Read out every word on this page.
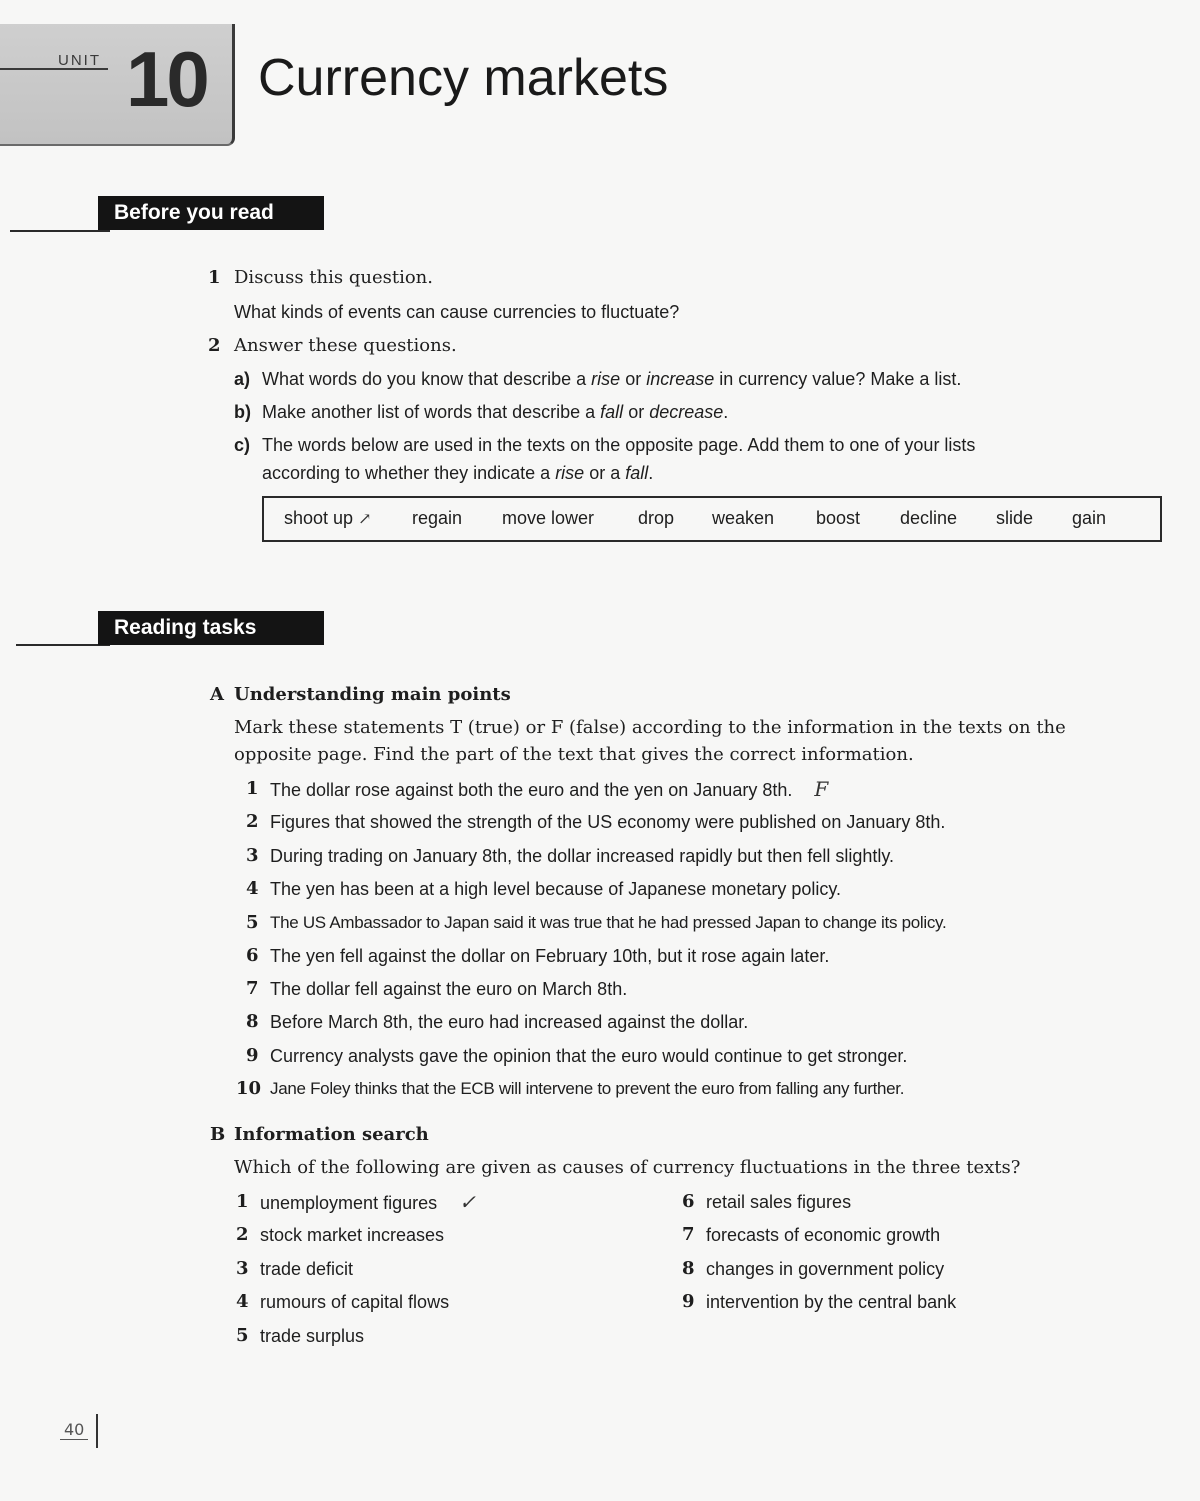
UNIT 10 Currency markets
Before you read
1 Discuss this question.
What kinds of events can cause currencies to fluctuate?
2 Answer these questions.
a) What words do you know that describe a rise or increase in currency value? Make a list.
b) Make another list of words that describe a fall or decrease.
c) The words below are used in the texts on the opposite page. Add them to one of your lists
according to whether they indicate a rise or a fall.
shoot up ↗ regain move lower drop weaken boost decline slide gain
Reading tasks
A Understanding main points
Mark these statements T (true) or F (false) according to the information in the texts on the
opposite page. Find the part of the text that gives the correct information.
1 The dollar rose against both the euro and the yen on January 8th. F
2 Figures that showed the strength of the US economy were published on January 8th.
3 During trading on January 8th, the dollar increased rapidly but then fell slightly.
4 The yen has been at a high level because of Japanese monetary policy.
5 The US Ambassador to Japan said it was true that he had pressed Japan to change its policy.
6 The yen fell against the dollar on February 10th, but it rose again later.
7 The dollar fell against the euro on March 8th.
8 Before March 8th, the euro had increased against the dollar.
9 Currency analysts gave the opinion that the euro would continue to get stronger.
10 Jane Foley thinks that the ECB will intervene to prevent the euro from falling any further.
B Information search
Which of the following are given as causes of currency fluctuations in the three texts?
1 unemployment figures ✓
2 stock market increases
3 trade deficit
4 rumours of capital flows
5 trade surplus
6 retail sales figures
7 forecasts of economic growth
8 changes in government policy
9 intervention by the central bank
40
